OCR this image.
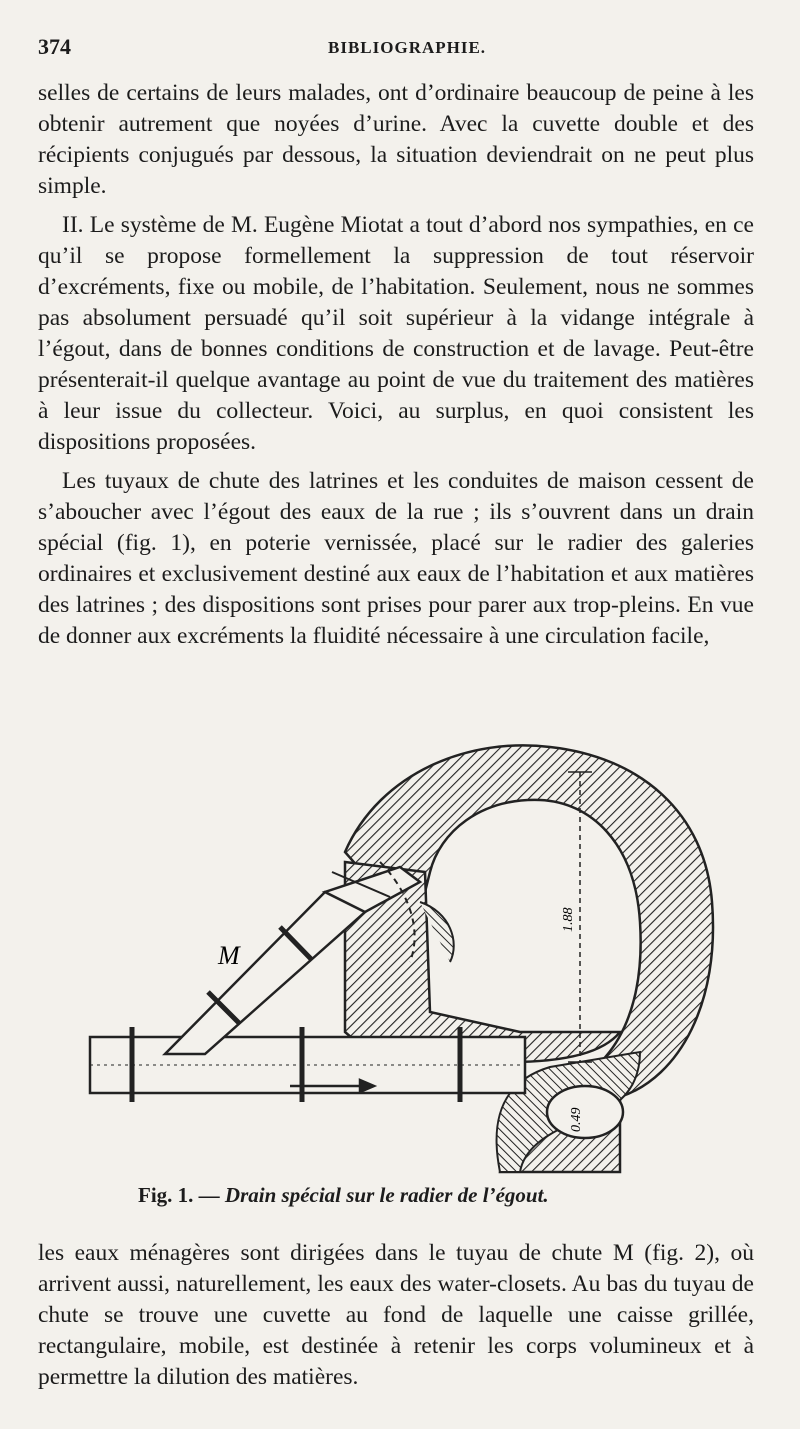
374	BIBLIOGRAPHIE.

selles de certains de leurs malades, ont d’ordinaire beaucoup de peine à les obtenir autrement que noyées d’urine. Avec la cuvette double et des récipients conjugués par dessous, la situation deviendrait on ne peut plus simple.

II. Le système de M. Eugène Miotat a tout d’abord nos sympathies, en ce qu’il se propose formellement la suppression de tout réservoir d’excréments, fixe ou mobile, de l’habitation. Seulement, nous ne sommes pas absolument persuadé qu’il soit supérieur à la vidange intégrale à l’égout, dans de bonnes conditions de construction et de lavage. Peut-être présenterait-il quelque avantage au point de vue du traitement des matières à leur issue du collecteur. Voici, au surplus, en quoi consistent les dispositions proposées.

Les tuyaux de chute des latrines et les conduites de maison cessent de s’aboucher avec l’égout des eaux de la rue ; ils s’ouvrent dans un drain spécial (fig. 1), en poterie vernissée, placé sur le radier des galeries ordinaires et exclusivement destiné aux eaux de l’habitation et aux matières des latrines ; des dispositions sont prises pour parer aux trop-pleins. En vue de donner aux excréments la fluidité nécessaire à une circulation facile,

1.88
0.49
M
Fig. 1. — Drain spécial sur le radier de l’égout.

les eaux ménagères sont dirigées dans le tuyau de chute M (fig. 2), où arrivent aussi, naturellement, les eaux des water-closets. Au bas du tuyau de chute se trouve une cuvette au fond de laquelle une caisse grillée, rectangulaire, mobile, est destinée à retenir les corps volumineux et à permettre la dilution des matières.
